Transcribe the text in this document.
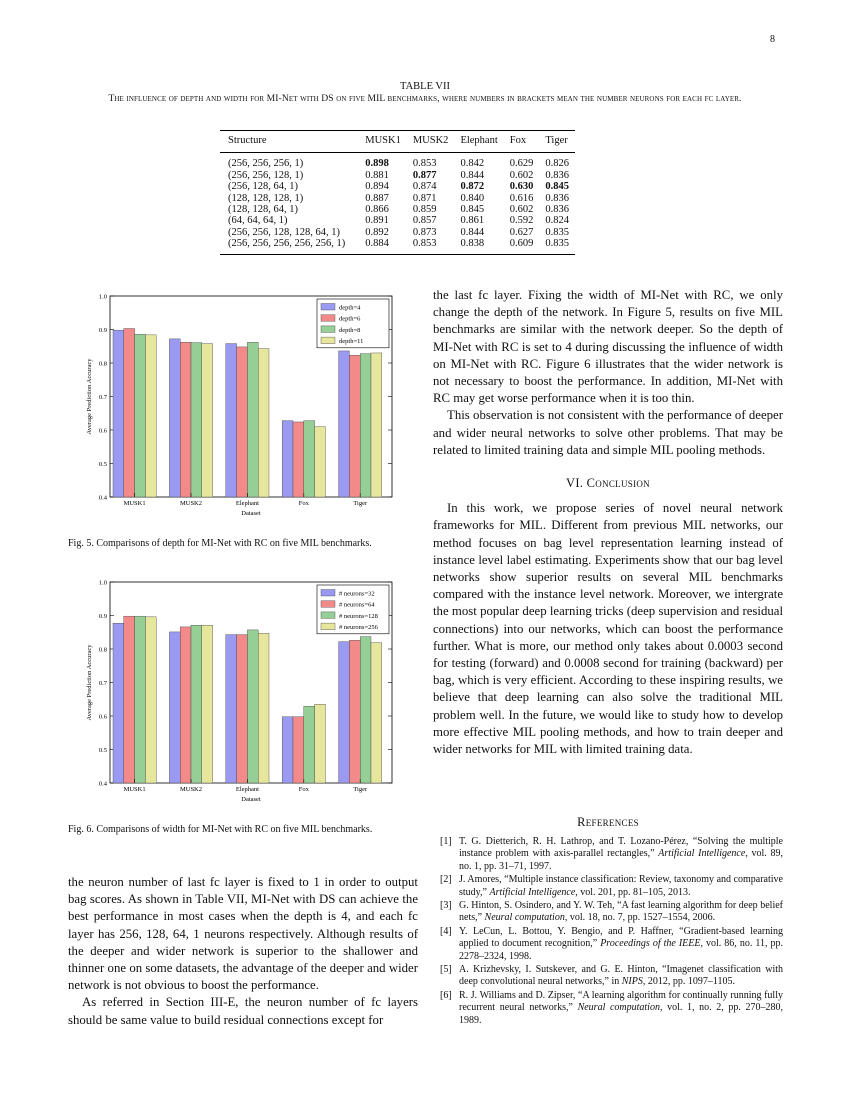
8
TABLE VII
The influence of depth and width for MI-Net with DS on five MIL benchmarks, where numbers in brackets mean the number neurons for each fc layer.
Structure	MUSK1	MUSK2	Elephant	Fox	Tiger
(256, 256, 256, 1)	0.898	0.853	0.842	0.629	0.826
(256, 256, 128, 1)	0.881	0.877	0.844	0.602	0.836
(256, 128, 64, 1)	0.894	0.874	0.872	0.630	0.845
(128, 128, 128, 1)	0.887	0.871	0.840	0.616	0.836
(128, 128, 64, 1)	0.866	0.859	0.845	0.602	0.836
(64, 64, 64, 1)	0.891	0.857	0.861	0.592	0.824
(256, 256, 128, 128, 64, 1)	0.892	0.873	0.844	0.627	0.835
(256, 256, 256, 256, 256, 1)	0.884	0.853	0.838	0.609	0.835
0.4
0.5
0.6
0.7
0.8
0.9
1.0
MUSK1	MUSK2	Elephant	Fox	Tiger
Dataset
Average Prediction Accuracy
depth=4
depth=6
depth=8
depth=11
Fig. 5. Comparisons of depth for MI-Net with RC on five MIL benchmarks.
0.4
0.5
0.6
0.7
0.8
0.9
1.0
MUSK1	MUSK2	Elephant	Fox	Tiger
Dataset
Average Prediction Accuracy
# neurons=32
# neurons=64
# neurons=128
# neurons=256
Fig. 6. Comparisons of width for MI-Net with RC on five MIL benchmarks.

the last fc layer. Fixing the width of MI-Net with RC, we only change the depth of the network. In Figure 5, results on five MIL benchmarks are similar with the network deeper. So the depth of MI-Net with RC is set to 4 during discussing the influence of width on MI-Net with RC. Figure 6 illustrates that the wider network is not necessary to boost the performance. In addition, MI-Net with RC may get worse performance when it is too thin.

This observation is not consistent with the performance of deeper and wider neural networks to solve other problems. That may be related to limited training data and simple MIL pooling methods.

VI. Conclusion

In this work, we propose series of novel neural network frameworks for MIL. Different from previous MIL networks, our method focuses on bag level representation learning instead of instance level label estimating. Experiments show that our bag level networks show superior results on several MIL benchmarks compared with the instance level network. Moreover, we intergrate the most popular deep learning tricks (deep supervision and residual connections) into our networks, which can boost the performance further. What is more, our method only takes about 0.0003 second for testing (forward) and 0.0008 second for training (backward) per bag, which is very efficient. According to these inspiring results, we believe that deep learning can also solve the traditional MIL problem well. In the future, we would like to study how to develop more effective MIL pooling methods, and how to train deeper and wider networks for MIL with limited training data.

References
[1] T. G. Dietterich, R. H. Lathrop, and T. Lozano-Pérez, “Solving the multiple instance problem with axis-parallel rectangles,” Artificial Intelligence, vol. 89, no. 1, pp. 31–71, 1997.
[2] J. Amores, “Multiple instance classification: Review, taxonomy and comparative study,” Artificial Intelligence, vol. 201, pp. 81–105, 2013.
[3] G. Hinton, S. Osindero, and Y. W. Teh, “A fast learning algorithm for deep belief nets,” Neural computation, vol. 18, no. 7, pp. 1527–1554, 2006.
[4] Y. LeCun, L. Bottou, Y. Bengio, and P. Haffner, “Gradient-based learning applied to document recognition,” Proceedings of the IEEE, vol. 86, no. 11, pp. 2278–2324, 1998.
[5] A. Krizhevsky, I. Sutskever, and G. E. Hinton, “Imagenet classification with deep convolutional neural networks,” in NIPS, 2012, pp. 1097–1105.
[6] R. J. Williams and D. Zipser, “A learning algorithm for continually running fully recurrent neural networks,” Neural computation, vol. 1, no. 2, pp. 270–280, 1989.

the neuron number of last fc layer is fixed to 1 in order to output bag scores. As shown in Table VII, MI-Net with DS can achieve the best performance in most cases when the depth is 4, and each fc layer has 256, 128, 64, 1 neurons respectively. Although results of the deeper and wider network is superior to the shallower and thinner one on some datasets, the advantage of the deeper and wider network is not obvious to boost the performance.

As referred in Section III-E, the neuron number of fc layers should be same value to build residual connections except for
